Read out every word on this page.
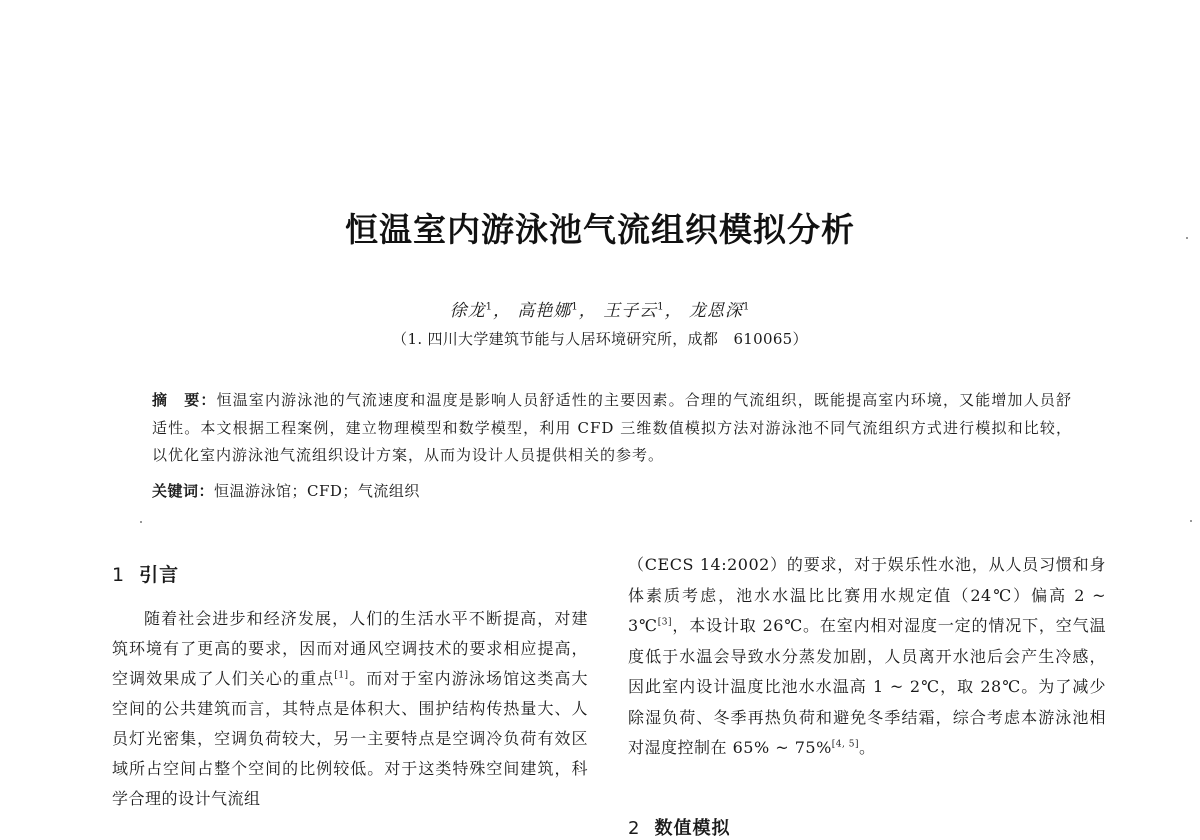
恒温室内游泳池气流组织模拟分析
徐龙$^1$， 高艳娜$^1$， 王子云$^1$， 龙恩深$^1$
（1. 四川大学建筑节能与人居环境研究所，成都　610065）
摘　要：恒温室内游泳池的气流速度和温度是影响人员舒适性的主要因素。合理的气流组织，既能提高室内环境，又能增加人员舒适性。本文根据工程案例，建立物理模型和数学模型，利用 CFD 三维数值模拟方法对游泳池不同气流组织方式进行模拟和比较，以优化室内游泳池气流组织设计方案，从而为设计人员提供相关的参考。
关键词：恒温游泳馆；CFD；气流组织
1 引言

随着社会进步和经济发展，人们的生活水平不断提高，对建筑环境有了更高的要求，因而对通风空调技术的要求相应提高，空调效果成了人们关心的重点[1]。而对于室内游泳场馆这类高大空间的公共建筑而言，其特点是体积大、围护结构传热量大、人员灯光密集，空调负荷较大，另一主要特点是空调冷负荷有效区域所占空间占整个空间的比例较低。对于这类特殊空间建筑，科学合理的设计气流组

（CECS 14:2002）的要求，对于娱乐性水池，从人员习惯和身体素质考虑，池水水温比比赛用水规定值（24℃）偏高 2 ~ 3℃[3]，本设计取 26℃。在室内相对湿度一定的情况下，空气温度低于水温会导致水分蒸发加剧，人员离开水池后会产生冷感，因此室内设计温度比池水水温高 1 ~ 2℃，取 28℃。为了减少除湿负荷、冬季再热负荷和避免冬季结霜，综合考虑本游泳池相对湿度控制在 65% ~ 75%[4, 5]。

2 数值模拟
